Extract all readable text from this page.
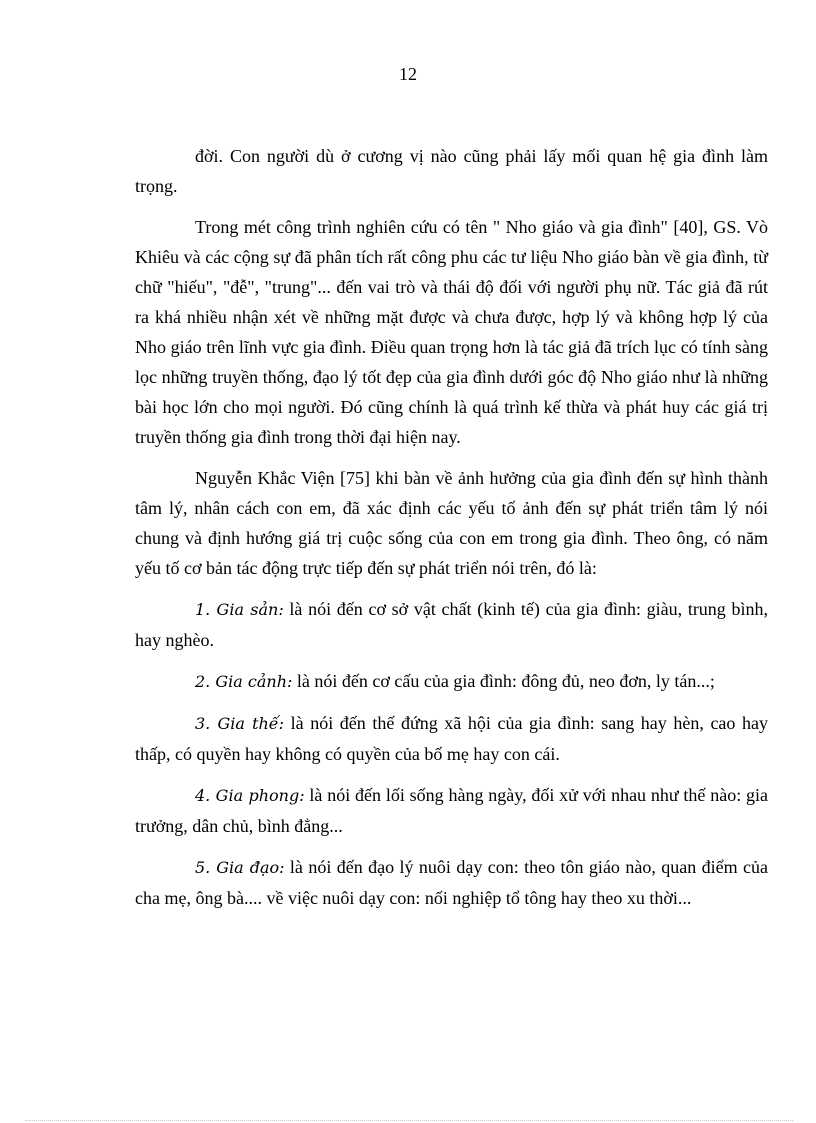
12

đời. Con người dù ở cương vị nào cũng phải lấy mối quan hệ gia đình làm trọng.

Trong mét công trình nghiên cứu có tên " Nho giáo và gia đình" [40], GS. Vò Khiêu và các cộng sự đã phân tích rất công phu các tư liệu Nho giáo bàn về gia đình, từ chữ "hiếu", "đễ", "trung"... đến vai trò và thái độ đối với người phụ nữ. Tác giả đã rút ra khá nhiều nhận xét về những mặt được và chưa được, hợp lý và không hợp lý của Nho giáo trên lĩnh vực gia đình. Điều quan trọng hơn là tác giả đã trích lục có tính sàng lọc những truyền thống, đạo lý tốt đẹp của gia đình dưới góc độ Nho giáo như là những bài học lớn cho mọi người. Đó cũng chính là quá trình kế thừa và phát huy các giá trị truyền thống gia đình trong thời đại hiện nay.

Nguyễn Khắc Viện [75] khi bàn về ảnh hưởng của gia đình đến sự hình thành tâm lý, nhân cách con em, đã xác định các yếu tố ảnh đến sự phát triển tâm lý nói chung và định hướng giá trị cuộc sống của con em trong gia đình. Theo ông, có năm yếu tố cơ bản tác động trực tiếp đến sự phát triển nói trên, đó là:

1. Gia sản: là nói đến cơ sở vật chất (kinh tế) của gia đình: giàu, trung bình, hay nghèo.

2. Gia cảnh: là nói đến cơ cấu của gia đình: đông đủ, neo đơn, ly tán...;

3. Gia thế: là nói đến thế đứng xã hội của gia đình: sang hay hèn, cao hay thấp, có quyền hay không có quyền của bố mẹ hay con cái.

4. Gia phong: là nói đến lối sống hàng ngày, đối xử với nhau như thế nào: gia trưởng, dân chủ, bình đẳng...

5. Gia đạo: là nói đến đạo lý nuôi dạy con: theo tôn giáo nào, quan điểm của cha mẹ, ông bà.... về việc nuôi dạy con: nối nghiệp tổ tông hay theo xu thời...
